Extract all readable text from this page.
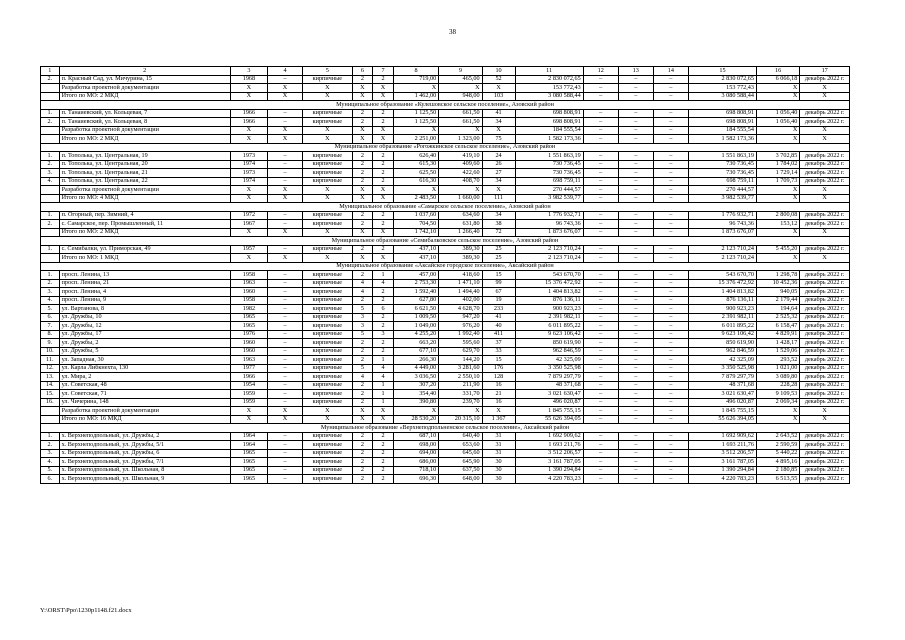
38
1	2	3	4	5	6	7	8	9	10	11	12	13	14	15	16	17
2.	п. Красный Сад, ул. Мичурина, 15	1968	–	кирпичные	2	2	719,00	465,00	52	2 830 072,65	–	–	–	2 830 072,65	6 066,18	декабрь 2022 г.
	Разработка проектной документации	X	X	X	X	X	X	X	X	153 772,43	–	–	–	153 772,43	X	X
	Итого по МО: 2 МКД	X	X	X	X	X	1 462,00	948,00	103	3 080 588,44	–	–	–	3 080 588,44	X	X
Муниципальное образование «Кулешовское сельское поселение», Азовский район																
1.	п. Танаиевский, ул. Кольцевая, 7	1966	–	кирпичные	2	2	1 125,50	661,50	41	698 808,91	–	–	–	698 808,91	1 056,40	декабрь 2022 г.
2.	п. Танаиевский, ул. Кольцевая, 8	1966	–	кирпичные	2	2	1 125,50	661,50	34	698 808,91	–	–	–	698 808,91	1 056,40	декабрь 2022 г.
	Разработка проектной документации	X	X	X	X	X	X	X	X	184 555,54	–	–	–	184 555,54	X	X
	Итого по МО: 2 МКД	X	X	X	X	X	2 251,00	1 323,00	75	1 582 173,36	–	–	–	1 582 173,36	X	X
Муниципальное образование «Рогожкинское сельское поселение», Азовский район																
1.	п. Тополька, ул. Центральная, 19	1973	–	кирпичные	2	2	626,40	419,10	24	1 551 863,19	–	–	–	1 551 863,19	3 702,85	декабрь 2022 г.
2.	п. Тополька, ул. Центральная, 20	1974	–	кирпичные	2	2	615,30	409,60	26	730 736,45	–	–	–	730 736,45	1 784,02	декабрь 2022 г.
3.	п. Тополька, ул. Центральная, 21	1973	–	кирпичные	2	2	625,50	422,60	27	730 736,45	–	–	–	730 736,45	1 729,14	декабрь 2022 г.
4.	п. Тополька, ул. Центральная, 22	1974	–	кирпичные	2	2	616,30	408,70	34	698 759,11	–	–	–	698 759,11	1 709,73	декабрь 2022 г.
	Разработка проектной документации	X	X	X	X	X	X	X	X	270 444,57	–	–	–	270 444,57	X	X
	Итого по МО: 4 МКД	X	X	X	X	X	2 483,50	1 660,00	111	3 982 539,77	–	–	–	3 982 539,77	X	X
Муниципальное образование «Самарское сельское поселение», Азовский район																
1.	п. Огорный, пер. Зимний, 4	1972	–	кирпичные	2	2	1 037,60	634,60	34	1 776 932,71	–	–	–	1 776 932,71	2 800,08	декабрь 2022 г.
2.	с. Самарское, пер. Промышленный, 11	1967	–	кирпичные	2	2	704,50	631,80	38	96 743,36	–	–	–	96 743,36	153,12	декабрь 2022 г.
	Итого по МО: 2 МКД	X	X	X	X	X	1 742,10	1 266,40	72	1 873 676,07	–	–	–	1 873 676,07	X	X
Муниципальное образование «Семибалковское сельское поселение», Азовский район																
1.	с. Семибалки, ул. Приморская, 49	1957	–	кирпичные	2	2	437,10	389,30	25	2 123 710,24	–	–	–	2 123 710,24	5 455,20	декабрь 2022 г.
	Итого по МО: 1 МКД	X	X	X	X	X	437,10	389,30	25	2 123 710,24	–	–	–	2 123 710,24	X	X
Муниципальное образование «Аксайское городское поселение», Аксайский район																
1.	просп. Ленина, 13	1958	–	кирпичные	2	1	457,00	418,60	15	543 670,70	–	–	–	543 670,70	1 298,78	декабрь 2022 г.
2.	просп. Ленина, 21	1963	–	кирпичные	4	4	2 753,30	1 471,10	99	15 376 472,92	–	–	–	15 376 472,92	10 452,36	декабрь 2022 г.
3.	просп. Ленина, 4	1960	–	кирпичные	4	2	1 592,40	1 494,40	67	1 404 813,82	–	–	–	1 404 813,82	940,05	декабрь 2022 г.
4.	просп. Ленина, 9	1958	–	кирпичные	2	2	627,80	402,00	19	876 136,11	–	–	–	876 136,11	2 179,44	декабрь 2022 г.
5.	ул. Вартанова, 8	1982	–	кирпичные	5	6	6 621,50	4 628,70	233	900 923,23	–	–	–	900 923,23	194,64	декабрь 2022 г.
6.	ул. Дружбы, 10	1965	–	кирпичные	3	2	1 009,50	947,20	41	2 391 982,11	–	–	–	2 391 982,11	2 525,32	декабрь 2022 г.
7.	ул. Дружбы, 12	1965	–	кирпичные	3	2	1 049,00	976,20	40	6 011 895,22	–	–	–	6 011 895,22	6 158,47	декабрь 2022 г.
8.	ул. Дружбы, 17	1976	–	кирпичные	5	3	4 255,20	1 992,40	411	9 623 106,42	–	–	–	9 623 106,42	4 829,91	декабрь 2022 г.
9.	ул. Дружбы, 2	1960	–	кирпичные	2	2	663,20	595,60	37	850 619,90	–	–	–	850 619,90	1 428,17	декабрь 2022 г.
10.	ул. Дружбы, 5	1960	–	кирпичные	2	2	677,10	629,70	33	962 846,59	–	–	–	962 846,59	1 529,06	декабрь 2022 г.
11.	ул. Западная, 30	1963	–	кирпичные	2	1	266,30	144,20	15	42 325,09	–	–	–	42 325,09	293,52	декабрь 2022 г.
12.	ул. Карла Либкнехта, 130	1977	–	кирпичные	5	4	4 449,00	3 281,60	176	3 350 525,98	–	–	–	3 350 525,98	1 021,00	декабрь 2022 г.
13.	ул. Мира, 2	1966	–	кирпичные	4	4	3 036,50	2 550,10	128	7 879 297,79	–	–	–	7 879 297,79	3 089,80	декабрь 2022 г.
14.	ул. Советская, 48	1954	–	кирпичные	2	1	307,20	211,90	16	48 371,68	–	–	–	48 371,68	228,28	декабрь 2022 г.
15.	ул. Советская, 71	1959	–	кирпичные	2	1	354,40	331,70	21	3 021 630,47	–	–	–	3 021 630,47	9 109,53	декабрь 2022 г.
16.	ул. Чичерина, 148	1959	–	кирпичные	2	1	390,80	239,70	16	496 020,87	–	–	–	496 020,87	2 069,34	декабрь 2022 г.
	Разработка проектной документации	X	X	X	X	X	X	X	X	1 845 755,15	–	–	–	1 845 755,15	X	X
	Итого по МО: 16 МКД	X	X	X	X	X	28 530,20	20 315,10	1 367	55 626 394,05	–	–	–	55 626 394,05	X	X
Муниципальное образование «Верхнеподпольненское сельское поселение», Аксайский район																
1.	х. Верхнеподпольный, ул. Дружбы, 2	1964	–	кирпичные	2	2	687,10	640,40	31	1 692 909,62	–	–	–	1 692 909,62	2 643,52	декабрь 2022 г.
2.	х. Верхнеподпольный, ул. Дружбы, 5/1	1964	–	кирпичные	2	2	698,00	653,60	31	1 693 211,76	–	–	–	1 693 211,76	2 590,59	декабрь 2022 г.
3.	х. Верхнеподпольный, ул. Дружбы, 6	1965	–	кирпичные	2	2	694,00	645,60	31	3 512 206,57	–	–	–	3 512 206,57	5 440,22	декабрь 2022 г.
4.	х. Верхнеподпольный, ул. Дружбы, 7/1	1965	–	кирпичные	2	2	686,00	645,90	30	3 161 787,05	–	–	–	3 161 787,05	4 895,16	декабрь 2022 г.
5.	х. Верхнеподпольный, ул. Школьная, 8	1965	–	кирпичные	2	2	718,10	637,50	30	1 390 294,84	–	–	–	1 390 294,84	2 180,85	декабрь 2022 г.
6.	х. Верхнеподпольный, ул. Школьная, 9	1965	–	кирпичные	2	2	696,30	648,00	30	4 220 783,23	–	–	–	4 220 783,23	6 513,55	декабрь 2022 г.
Y:\ORST\Ppo\1230p1148.f21.docx
